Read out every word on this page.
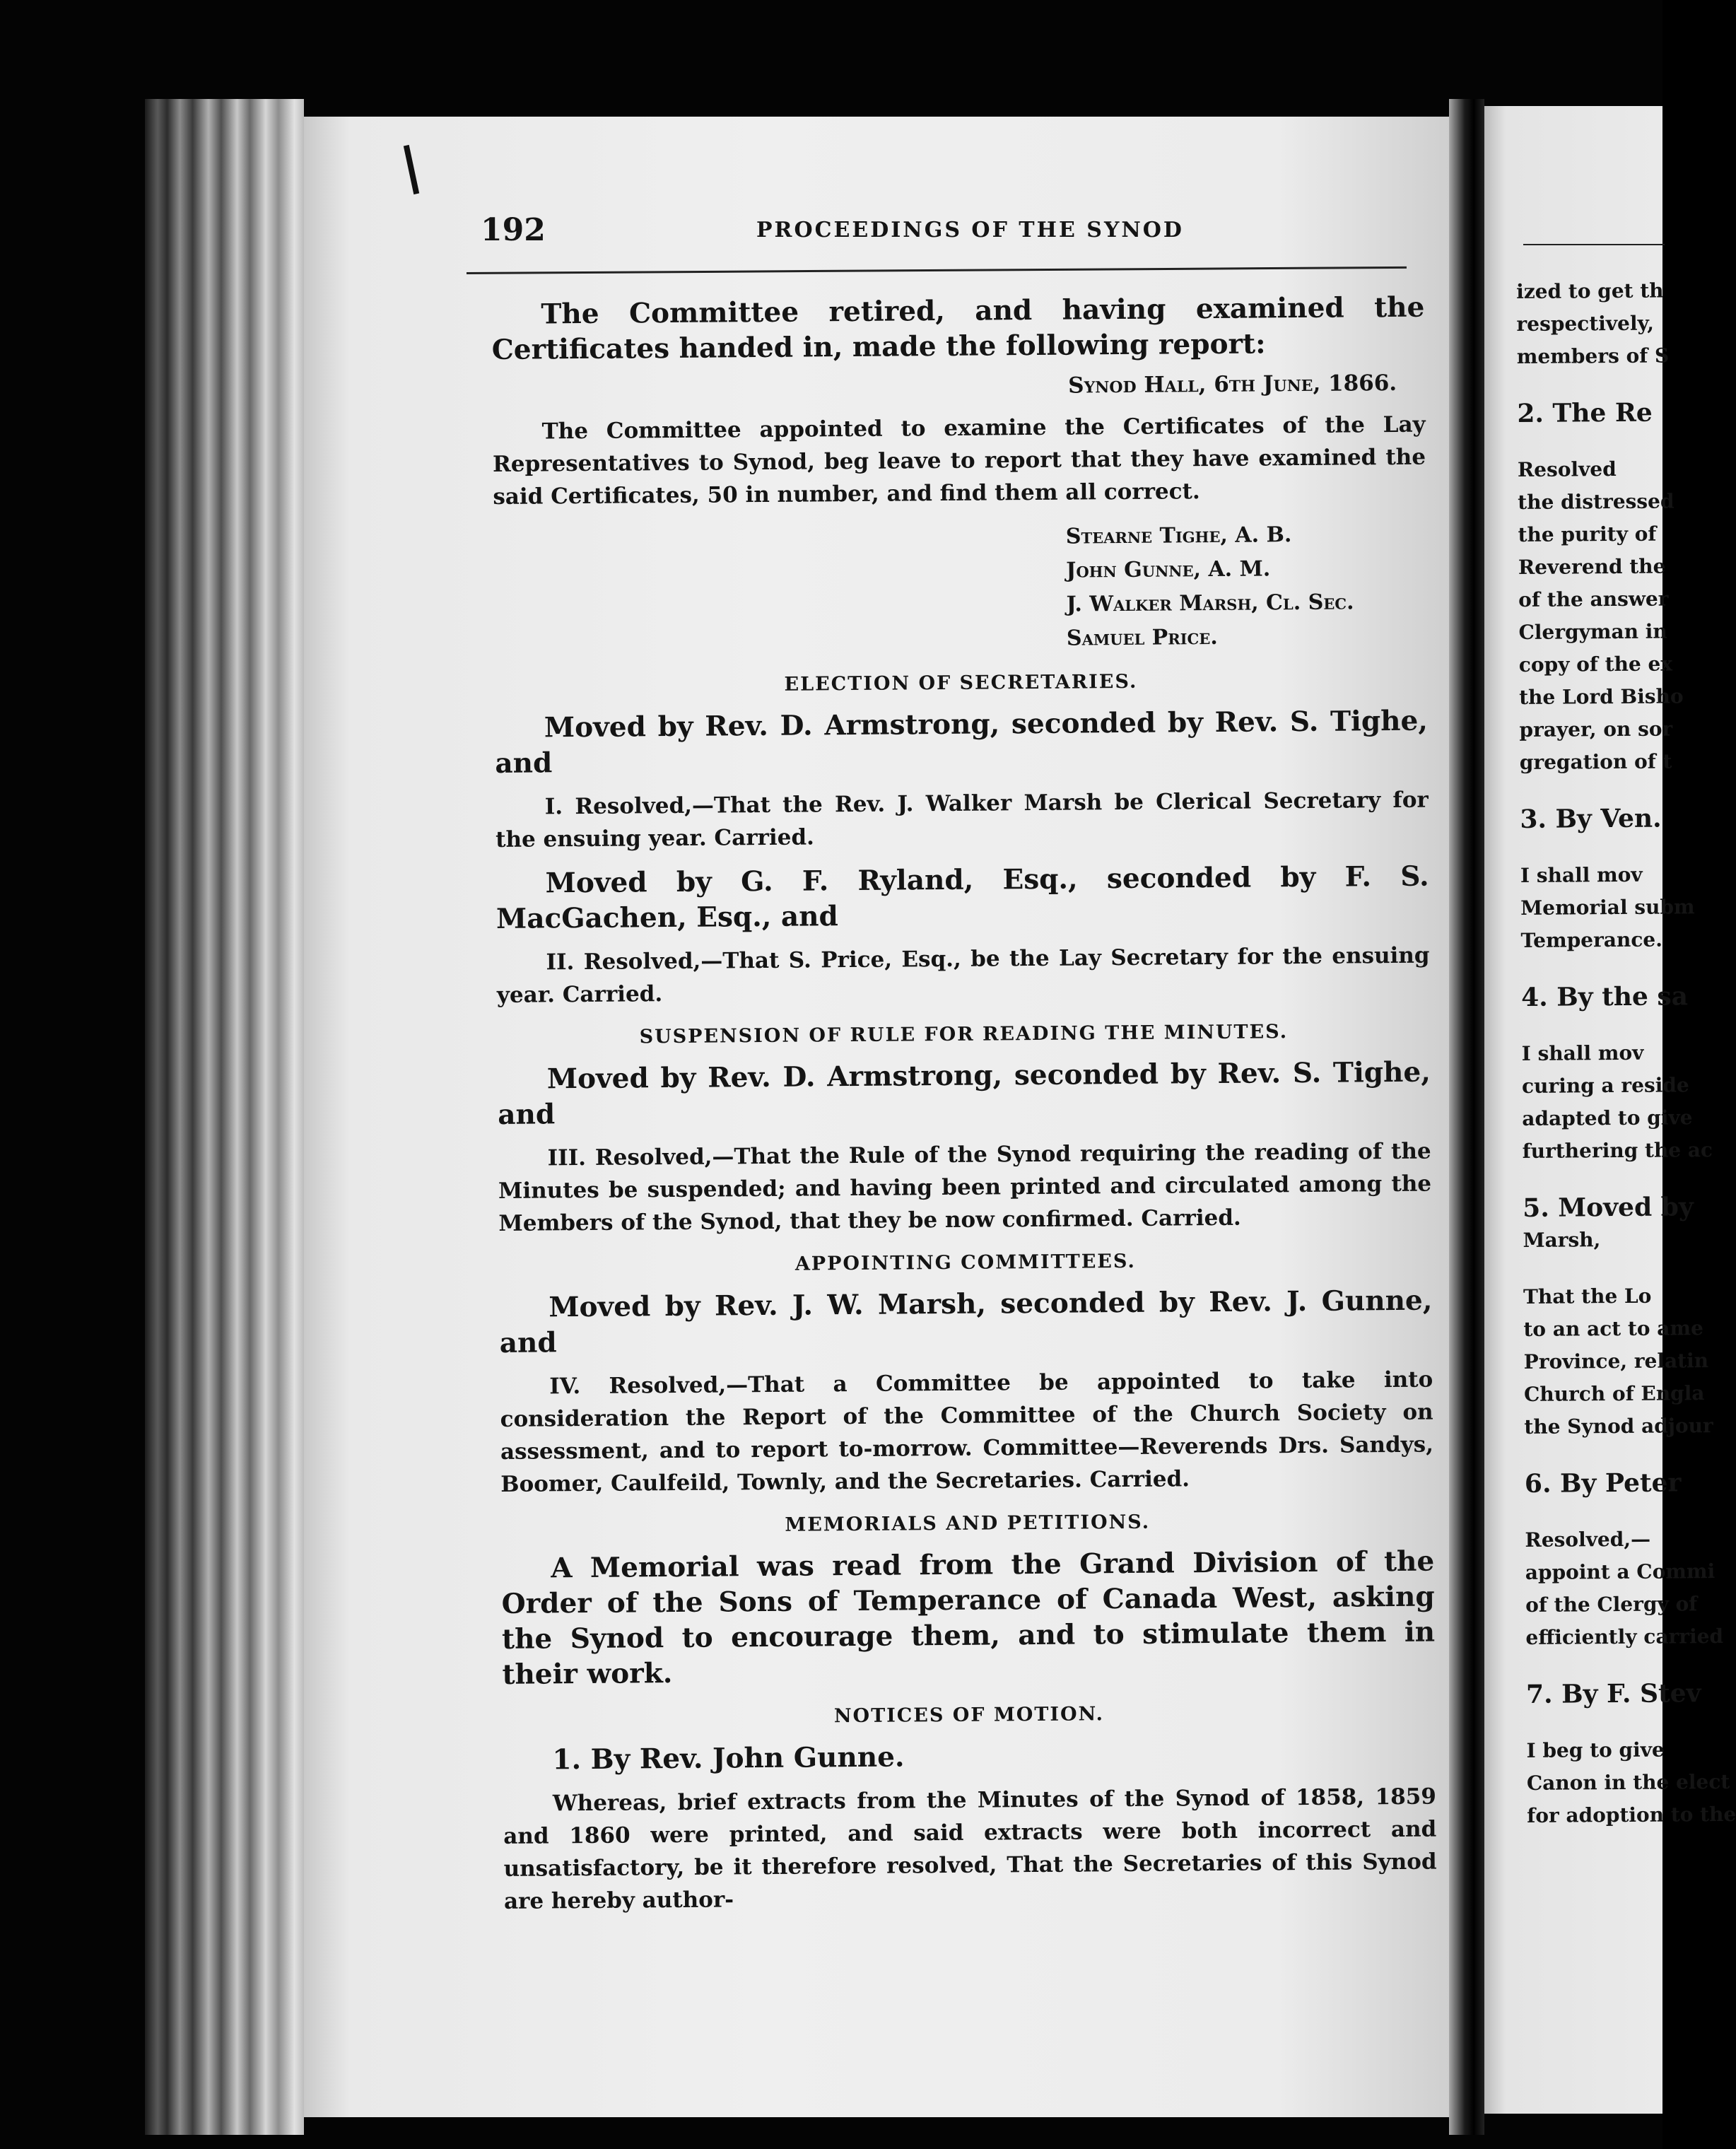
192	PROCEEDINGS OF THE SYNOD

The Committee retired, and having examined the Certificates handed in, made the following report:

Synod Hall, 6th June, 1866.

The Committee appointed to examine the Certificates of the Lay Representatives to Synod, beg leave to report that they have examined the said Certificates, 50 in number, and find them all correct.

Stearne Tighe, A. B.
John Gunne, A. M.
J. Walker Marsh, Cl. Sec.
Samuel Price.
ELECTION OF SECRETARIES.

Moved by Rev. D. Armstrong, seconded by Rev. S. Tighe, and

I. Resolved,—That the Rev. J. Walker Marsh be Clerical Secretary for the ensuing year. Carried.

Moved by G. F. Ryland, Esq., seconded by F. S. MacGachen, Esq., and

II. Resolved,—That S. Price, Esq., be the Lay Secretary for the ensuing year. Carried.

SUSPENSION OF RULE FOR READING THE MINUTES.

Moved by Rev. D. Armstrong, seconded by Rev. S. Tighe, and

III. Resolved,—That the Rule of the Synod requiring the reading of the Minutes be suspended; and having been printed and circulated among the Members of the Synod, that they be now confirmed. Carried.

APPOINTING COMMITTEES.

Moved by Rev. J. W. Marsh, seconded by Rev. J. Gunne, and

IV. Resolved,—That a Committee be appointed to take into consideration the Report of the Committee of the Church Society on assessment, and to report to-morrow. Committee—Reverends Drs. Sandys, Boomer, Caulfeild, Townly, and the Secretaries. Carried.

MEMORIALS AND PETITIONS.

A Memorial was read from the Grand Division of the Order of the Sons of Temperance of Canada West, asking the Synod to encourage them, and to stimulate them in their work.

NOTICES OF MOTION.

1. By Rev. John Gunne.

Whereas, brief extracts from the Minutes of the Synod of 1858, 1859 and 1860 were printed, and said extracts were both incorrect and unsatisfactory, be it therefore resolved, That the Secretaries of this Synod are hereby author-

ized to get th
respectively,
members of S
2. The Re
Resolved
the distressed
the purity of
Reverend the
of the answer
Clergyman in
copy of the ex
the Lord Bisho
prayer, on sor
gregation of t
3. By Ven.
I shall mov
Memorial subm
Temperance.
4. By the sa
I shall mov
curing a reside
adapted to give
furthering the ac
5. Moved by
Marsh,
That the Lo
to an act to ame
Province, relatin
Church of Engla
the Synod adjour
6. By Peter
Resolved,—
appoint a Commi
of the Clergy of
efficiently carried
7. By F. Stev
I beg to give
Canon in the elect
for adoption to the
